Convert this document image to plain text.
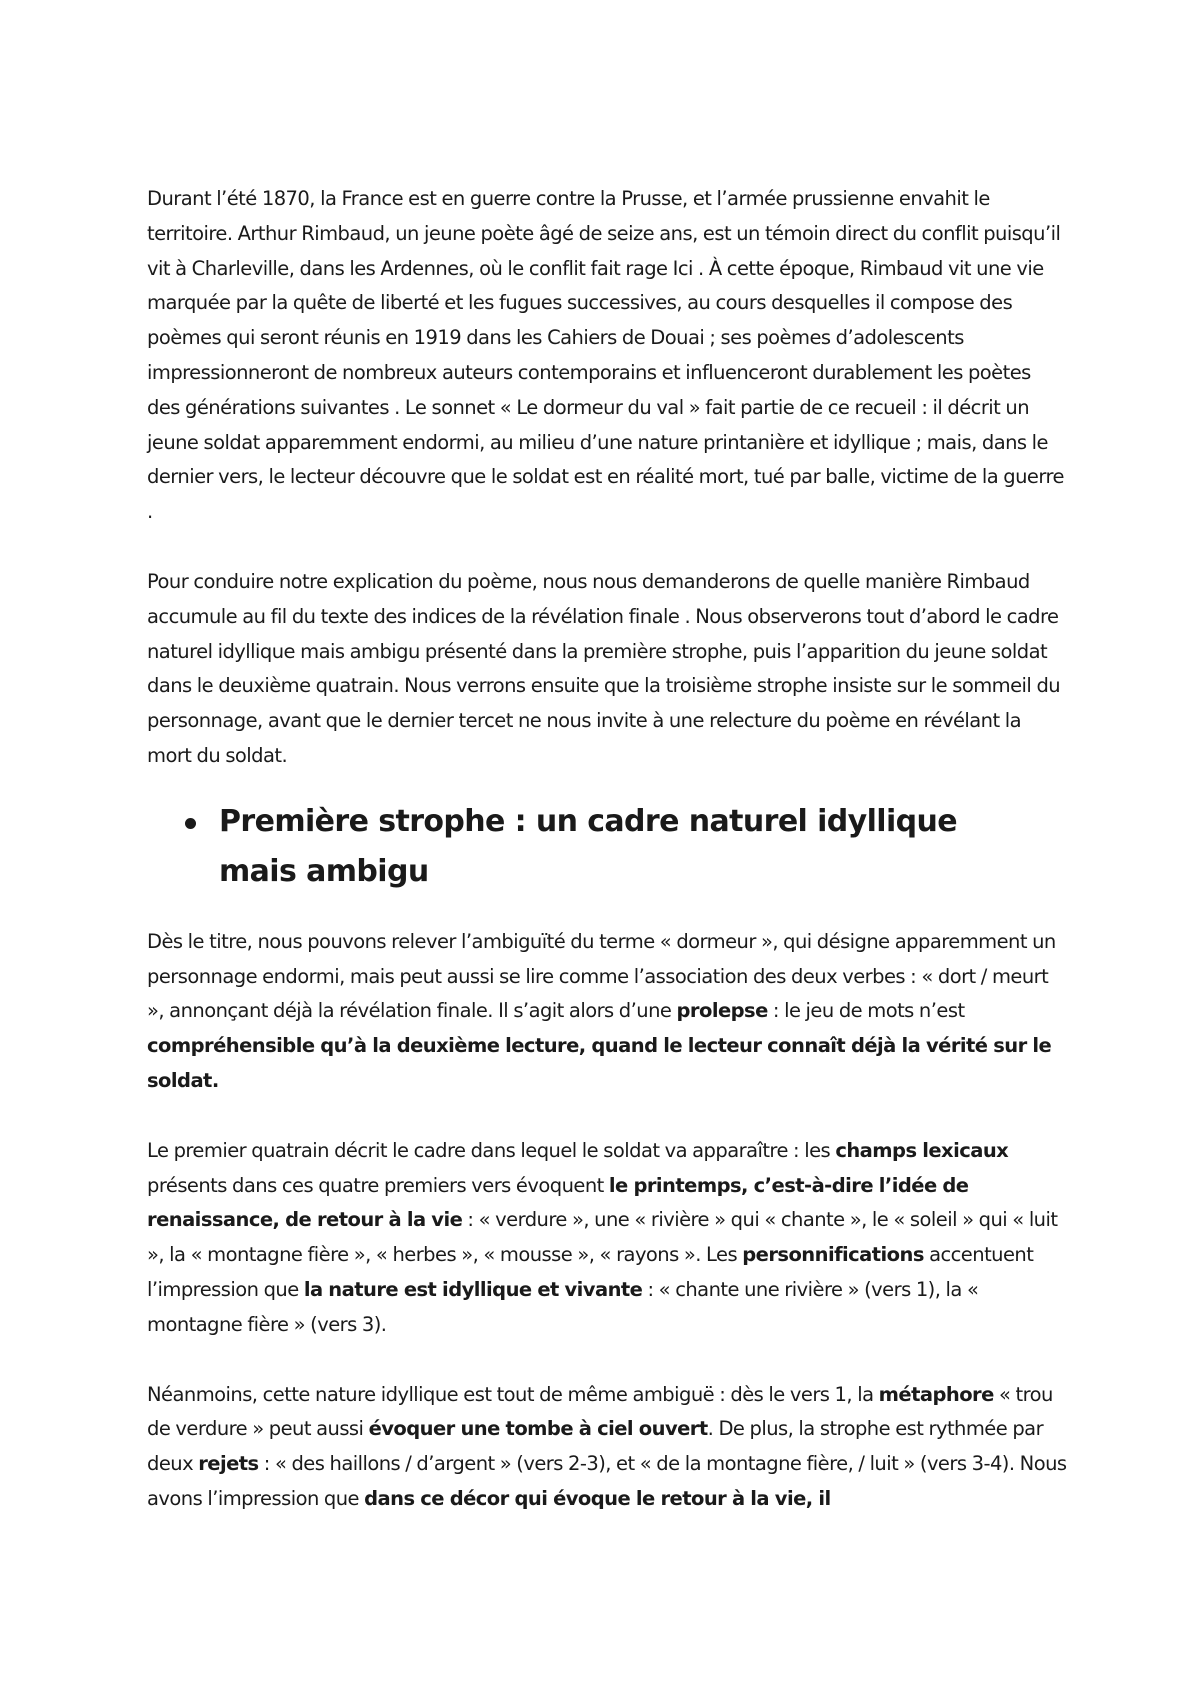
Durant l’été 1870, la France est en guerre contre la Prusse, et l’armée prussienne envahit le territoire. Arthur Rimbaud, un jeune poète âgé de seize ans, est un témoin direct du conflit puisqu’il vit à Charleville, dans les Ardennes, où le conflit fait rage Ici . À cette époque, Rimbaud vit une vie marquée par la quête de liberté et les fugues successives, au cours desquelles il compose des poèmes qui seront réunis en 1919 dans les Cahiers de Douai ; ses poèmes d’adolescents impressionneront de nombreux auteurs contemporains et influenceront durablement les poètes des générations suivantes . Le sonnet « Le dormeur du val » fait partie de ce recueil : il décrit un jeune soldat apparemment endormi, au milieu d’une nature printanière et idyllique ; mais, dans le dernier vers, le lecteur découvre que le soldat est en réalité mort, tué par balle, victime de la guerre .

Pour conduire notre explication du poème, nous nous demanderons de quelle manière Rimbaud accumule au fil du texte des indices de la révélation finale . Nous observerons tout d’abord le cadre naturel idyllique mais ambigu présenté dans la première strophe, puis l’apparition du jeune soldat dans le deuxième quatrain. Nous verrons ensuite que la troisième strophe insiste sur le sommeil du personnage, avant que le dernier tercet ne nous invite à une relecture du poème en révélant la mort du soldat.

Première strophe : un cadre naturel idyllique mais ambigu

Dès le titre, nous pouvons relever l’ambiguïté du terme « dormeur », qui désigne apparemment un personnage endormi, mais peut aussi se lire comme l’association des deux verbes : « dort / meurt », annonçant déjà la révélation finale. Il s’agit alors d’une prolepse : le jeu de mots n’est compréhensible qu’à la deuxième lecture, quand le lecteur connaît déjà la vérité sur le soldat.

Le premier quatrain décrit le cadre dans lequel le soldat va apparaître : les champs lexicaux présents dans ces quatre premiers vers évoquent le printemps, c’est-à-dire l’idée de renaissance, de retour à la vie : « verdure », une « rivière » qui « chante », le « soleil » qui « luit », la « montagne fière », « herbes », « mousse », « rayons ». Les personnifications accentuent l’impression que la nature est idyllique et vivante : « chante une rivière » (vers 1), la « montagne fière » (vers 3).

Néanmoins, cette nature idyllique est tout de même ambiguë : dès le vers 1, la métaphore « trou de verdure » peut aussi évoquer une tombe à ciel ouvert. De plus, la strophe est rythmée par deux rejets : « des haillons / d’argent » (vers 2-3), et « de la montagne fière, / luit » (vers 3-4). Nous avons l’impression que dans ce décor qui évoque le retour à la vie, il
